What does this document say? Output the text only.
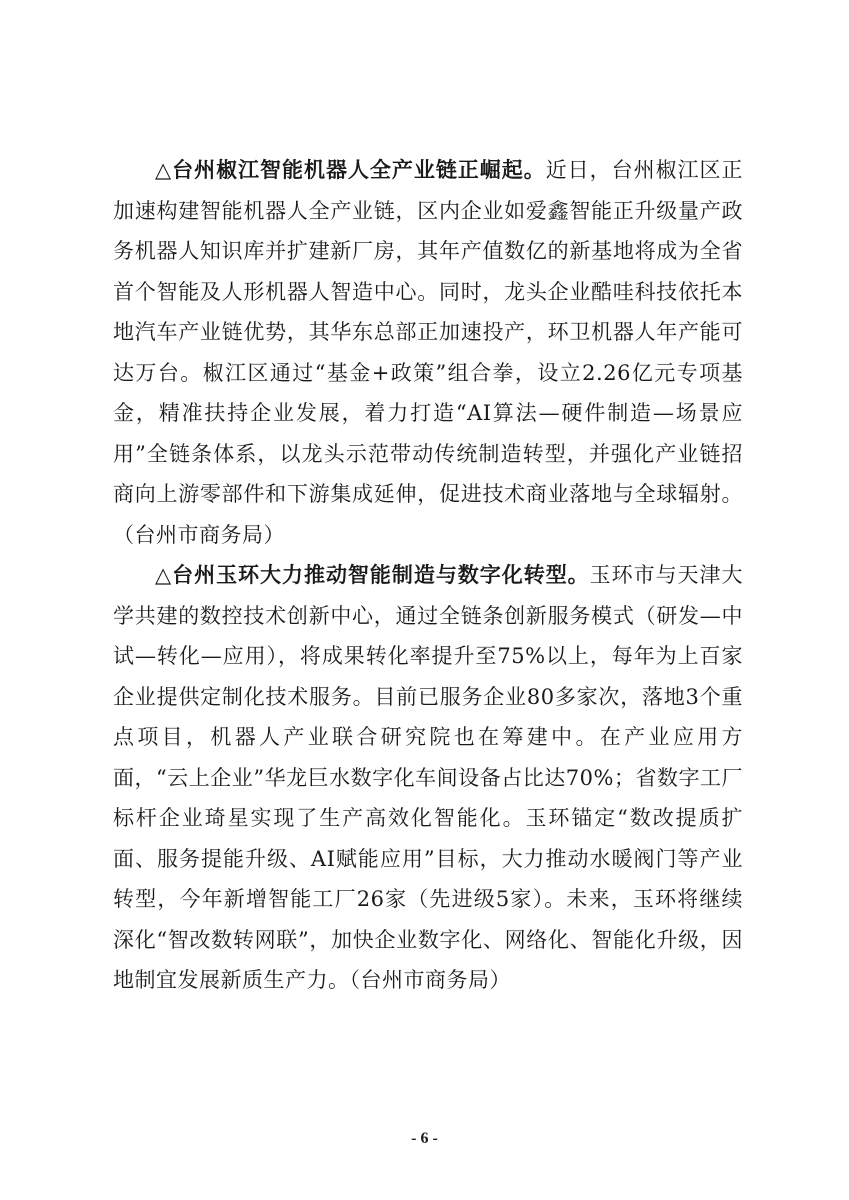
△台州椒江智能机器人全产业链正崛起。近日，台州椒江区正加速构建智能机器人全产业链，区内企业如爱鑫智能正升级量产政务机器人知识库并扩建新厂房，其年产值数亿的新基地将成为全省首个智能及人形机器人智造中心。同时，龙头企业酷哇科技依托本地汽车产业链优势，其华东总部正加速投产，环卫机器人年产能可达万台。椒江区通过“基金+政策”组合拳，设立2.26亿元专项基金，精准扶持企业发展，着力打造“AI算法—硬件制造—场景应用”全链条体系，以龙头示范带动传统制造转型，并强化产业链招商向上游零部件和下游集成延伸，促进技术商业落地与全球辐射。（台州市商务局）

△台州玉环大力推动智能制造与数字化转型。玉环市与天津大学共建的数控技术创新中心，通过全链条创新服务模式（研发—中试—转化—应用），将成果转化率提升至75%以上，每年为上百家企业提供定制化技术服务。目前已服务企业80多家次，落地3个重点项目，机器人产业联合研究院也在筹建中。在产业应用方面，“云上企业”华龙巨水数字化车间设备占比达70%；省数字工厂标杆企业琦星实现了生产高效化智能化。玉环锚定“数改提质扩面、服务提能升级、AI赋能应用”目标，大力推动水暖阀门等产业转型，今年新增智能工厂26家（先进级5家）。未来，玉环将继续深化“智改数转网联”，加快企业数字化、网络化、智能化升级，因地制宜发展新质生产力。（台州市商务局）

- 6 -
